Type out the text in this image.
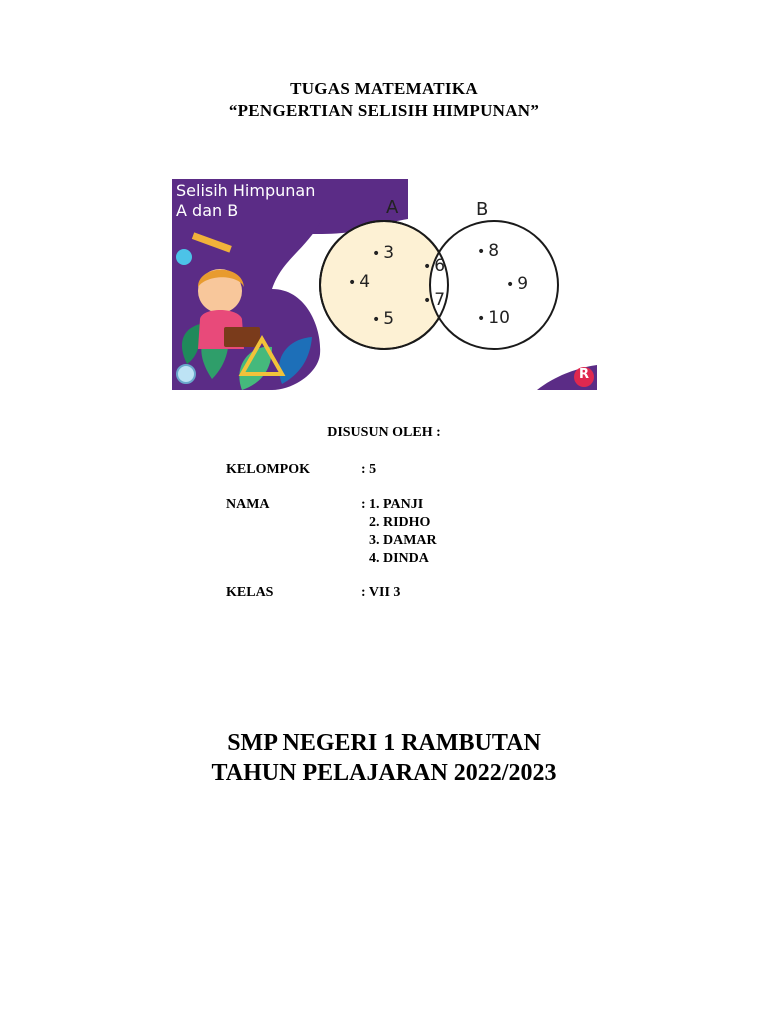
TUGAS MATEMATIKA
“PENGERTIAN SELISIH HIMPUNAN”
Selisih Himpunan
A dan B	A	B
• 3
• 4
• 5
• 6
• 7
• 8
• 9
• 10
R
DISUSUN OLEH :
KELOMPOK	: 5
NAMA	: 1. PANJI
2. RIDHO
3. DAMAR
4. DINDA
KELAS	: VII 3
SMP NEGERI 1 RAMBUTAN
TAHUN PELAJARAN 2022/2023
